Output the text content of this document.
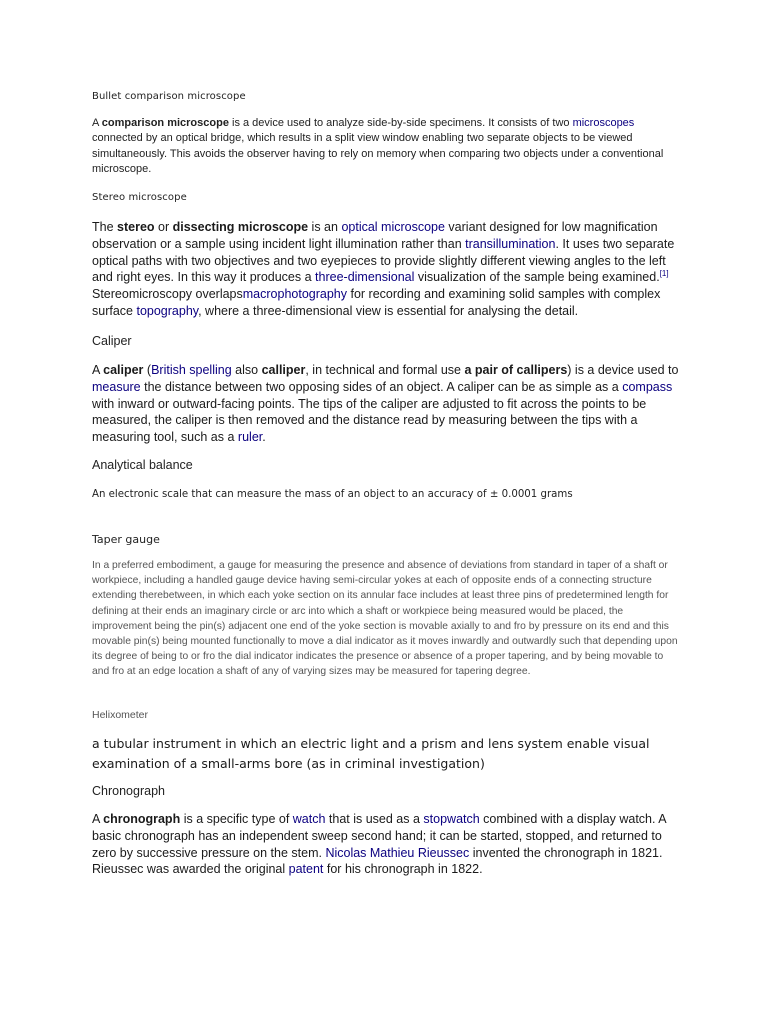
Bullet comparison microscope

A comparison microscope is a device used to analyze side-by-side specimens. It consists of two microscopes connected by an optical bridge, which results in a split view window enabling two separate objects to be viewed simultaneously. This avoids the observer having to rely on memory when comparing two objects under a conventional microscope.

Stereo microscope

The stereo or dissecting microscope is an optical microscope variant designed for low magnification observation or a sample using incident light illumination rather than transillumination. It uses two separate optical paths with two objectives and two eyepieces to provide slightly different viewing angles to the left and right eyes. In this way it produces a three-dimensional visualization of the sample being examined.[1] Stereomicroscopy overlapsmacrophotography for recording and examining solid samples with complex surface topography, where a three-dimensional view is essential for analysing the detail.

Caliper

A caliper (British spelling also calliper, in technical and formal use a pair of callipers) is a device used to measure the distance between two opposing sides of an object. A caliper can be as simple as a compass with inward or outward-facing points. The tips of the caliper are adjusted to fit across the points to be measured, the caliper is then removed and the distance read by measuring between the tips with a measuring tool, such as a ruler.

Analytical balance
An electronic scale that can measure the mass of an object to an accuracy of ± 0.0001 grams
Taper gauge

In a preferred embodiment, a gauge for measuring the presence and absence of deviations from standard in taper of a shaft or workpiece, including a handled gauge device having semi-circular yokes at each of opposite ends of a connecting structure extending therebetween, in which each yoke section on its annular face includes at least three pins of predetermined length for defining at their ends an imaginary circle or arc into which a shaft or workpiece being measured would be placed, the improvement being the pin(s) adjacent one end of the yoke section is movable axially to and fro by pressure on its end and this movable pin(s) being mounted functionally to move a dial indicator as it moves inwardly and outwardly such that depending upon its degree of being to or fro the dial indicator indicates the presence or absence of a proper tapering, and by being movable to and fro at an edge location a shaft of any of varying sizes may be measured for tapering degree.

Helixometer

a tubular instrument in which an electric light and a prism and lens system enable visual examination of a small-arms bore (as in criminal investigation)

Chronograph

A chronograph is a specific type of watch that is used as a stopwatch combined with a display watch. A basic chronograph has an independent sweep second hand; it can be started, stopped, and returned to zero by successive pressure on the stem. Nicolas Mathieu Rieussec invented the chronograph in 1821. Rieussec was awarded the original patent for his chronograph in 1822.
